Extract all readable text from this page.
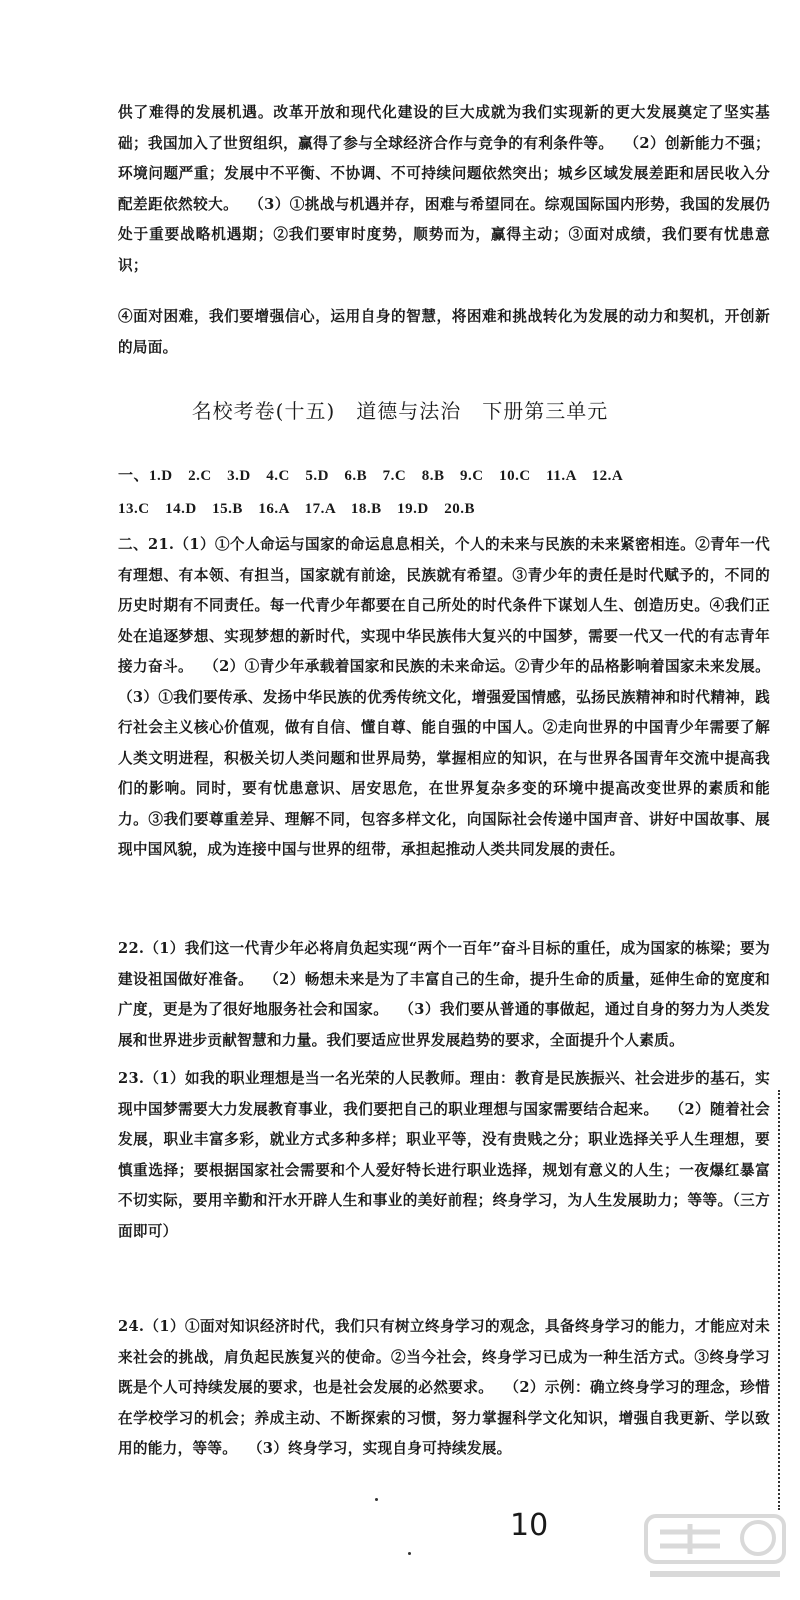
供了难得的发展机遇。改革开放和现代化建设的巨大成就为我们实现新的更大发展奠定了坚实基础；我国加入了世贸组织，赢得了参与全球经济合作与竞争的有利条件等。  （2）创新能力不强；环境问题严重；发展中不平衡、不协调、不可持续问题依然突出；城乡区域发展差距和居民收入分配差距依然较大。  （3）①挑战与机遇并存，困难与希望同在。综观国际国内形势，我国的发展仍处于重要战略机遇期；②我们要审时度势，顺势而为，赢得主动；③面对成绩，我们要有忧患意识；
④面对困难，我们要增强信心，运用自身的智慧，将困难和挑战转化为发展的动力和契机，开创新的局面。
名校考卷(十五)　道德与法治　下册第三单元
一、1.D　2.C　3.D　4.C　5.D　6.B　7.C　8.B　9.C　10.C　11.A　12.A
13.C　14.D　15.B　16.A　17.A　18.B　19.D　20.B
二、21.（1）①个人命运与国家的命运息息相关，个人的未来与民族的未来紧密相连。②青年一代有理想、有本领、有担当，国家就有前途，民族就有希望。③青少年的责任是时代赋予的，不同的历史时期有不同责任。每一代青少年都要在自己所处的时代条件下谋划人生、创造历史。④我们正处在追逐梦想、实现梦想的新时代，实现中华民族伟大复兴的中国梦，需要一代又一代的有志青年接力奋斗。  （2）①青少年承载着国家和民族的未来命运。②青少年的品格影响着国家未来发展。  （3）①我们要传承、发扬中华民族的优秀传统文化，增强爱国情感，弘扬民族精神和时代精神，践行社会主义核心价值观，做有自信、懂自尊、能自强的中国人。②走向世界的中国青少年需要了解人类文明进程，积极关切人类问题和世界局势，掌握相应的知识，在与世界各国青年交流中提高我们的影响。同时，要有忧患意识、居安思危，在世界复杂多变的环境中提高改变世界的素质和能力。③我们要尊重差异、理解不同，包容多样文化，向国际社会传递中国声音、讲好中国故事、展现中国风貌，成为连接中国与世界的纽带，承担起推动人类共同发展的责任。
22.（1）我们这一代青少年必将肩负起实现“两个一百年”奋斗目标的重任，成为国家的栋梁；要为建设祖国做好准备。  （2）畅想未来是为了丰富自己的生命，提升生命的质量，延伸生命的宽度和广度，更是为了很好地服务社会和国家。  （3）我们要从普通的事做起，通过自身的努力为人类发展和世界进步贡献智慧和力量。我们要适应世界发展趋势的要求，全面提升个人素质。
23.（1）如我的职业理想是当一名光荣的人民教师。理由：教育是民族振兴、社会进步的基石，实现中国梦需要大力发展教育事业，我们要把自己的职业理想与国家需要结合起来。  （2）随着社会发展，职业丰富多彩，就业方式多种多样；职业平等，没有贵贱之分；职业选择关乎人生理想，要慎重选择；要根据国家社会需要和个人爱好特长进行职业选择，规划有意义的人生；一夜爆红暴富不切实际，要用辛勤和汗水开辟人生和事业的美好前程；终身学习，为人生发展助力；等等。（三方面即可）
24.（1）①面对知识经济时代，我们只有树立终身学习的观念，具备终身学习的能力，才能应对未来社会的挑战，肩负起民族复兴的使命。②当今社会，终身学习已成为一种生活方式。③终身学习既是个人可持续发展的要求，也是社会发展的必然要求。  （2）示例：确立终身学习的理念，珍惜在学校学习的机会；养成主动、不断探索的习惯，努力掌握科学文化知识，增强自我更新、学以致用的能力，等等。  （3）终身学习，实现自身可持续发展。
10
